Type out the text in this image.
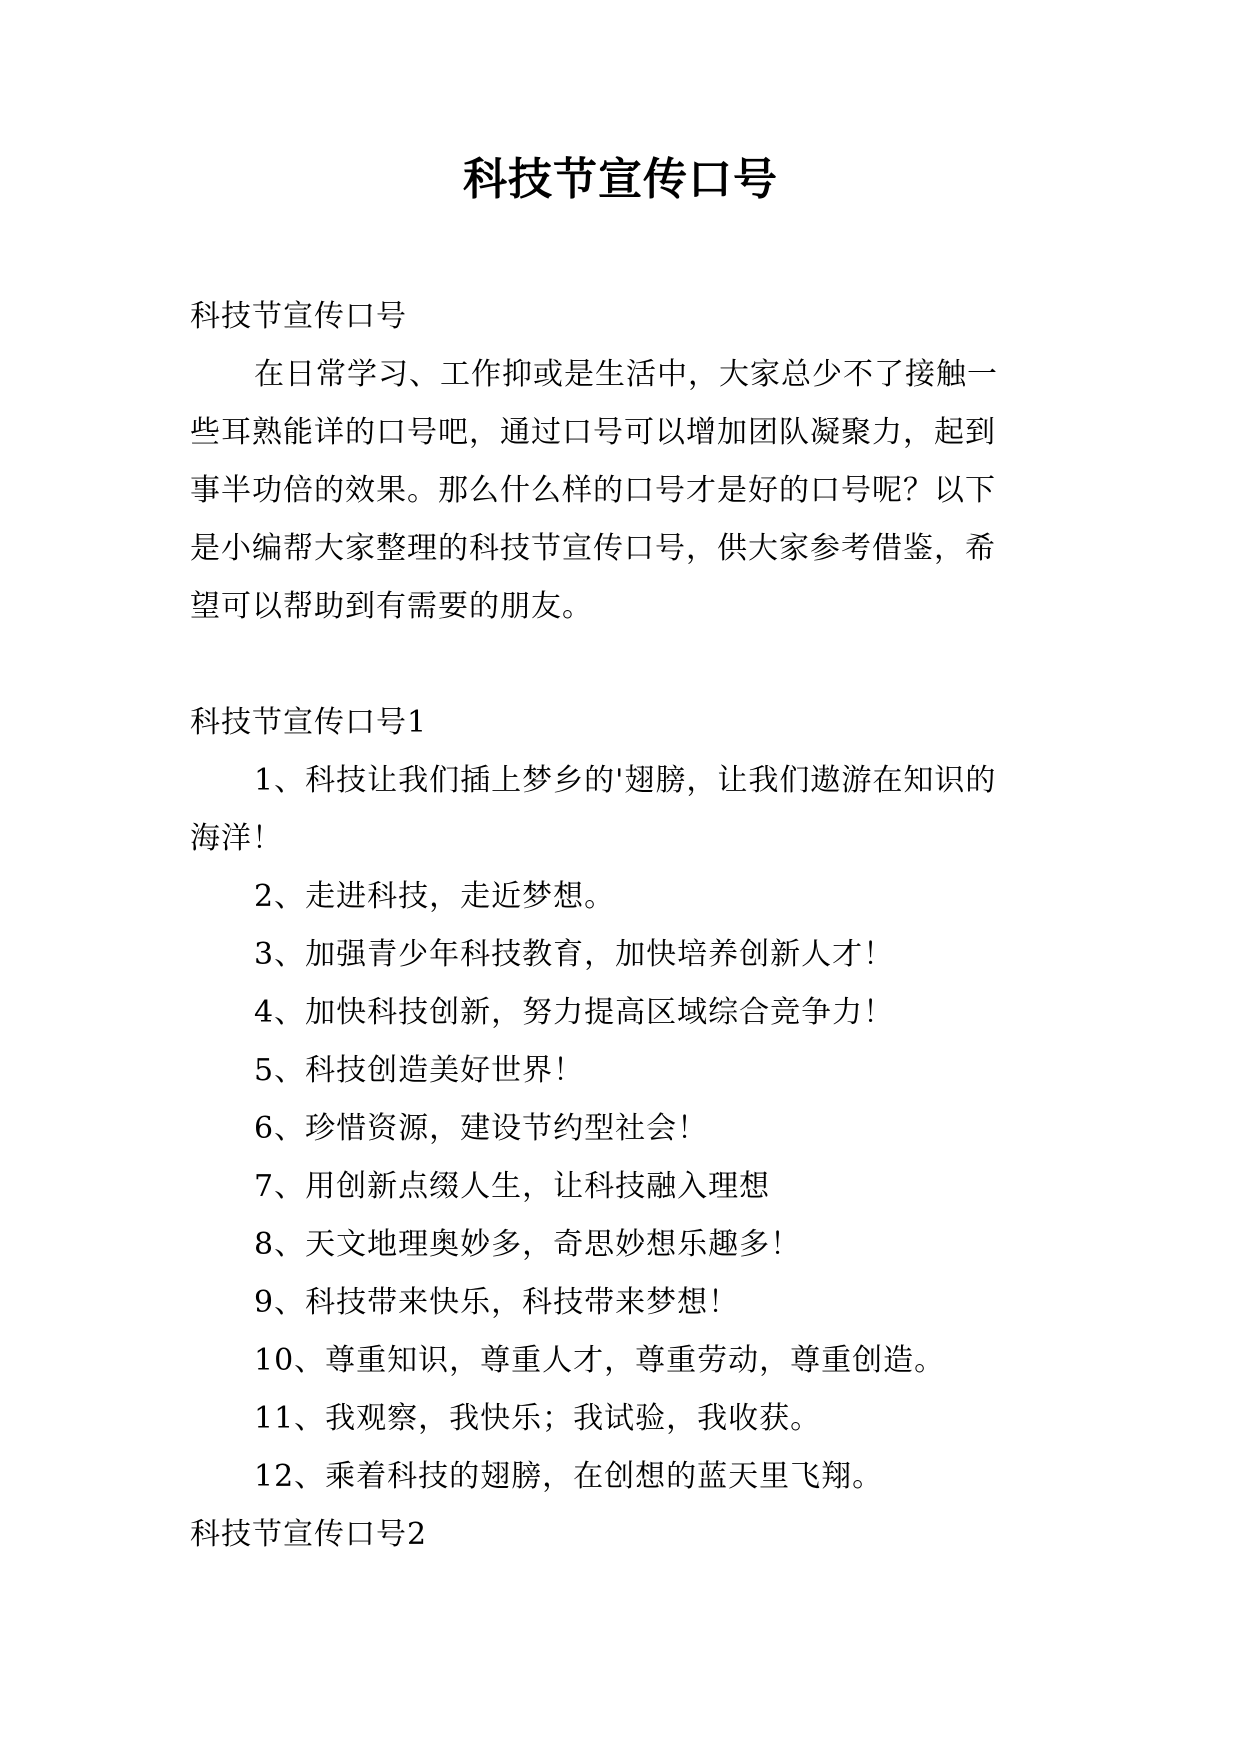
科技节宣传口号

科技节宣传口号

在日常学习、工作抑或是生活中，大家总少不了接触一

些耳熟能详的口号吧，通过口号可以增加团队凝聚力，起到

事半功倍的效果。那么什么样的口号才是好的口号呢？以下

是小编帮大家整理的科技节宣传口号，供大家参考借鉴，希

望可以帮助到有需要的朋友。

科技节宣传口号1

1、科技让我们插上梦乡的'翅膀，让我们遨游在知识的

海洋！

2、走进科技，走近梦想。

3、加强青少年科技教育，加快培养创新人才！

4、加快科技创新，努力提高区域综合竞争力！

5、科技创造美好世界！

6、珍惜资源，建设节约型社会！

7、用创新点缀人生，让科技融入理想

8、天文地理奥妙多，奇思妙想乐趣多！

9、科技带来快乐，科技带来梦想！

10、尊重知识，尊重人才，尊重劳动，尊重创造。

11、我观察，我快乐；我试验，我收获。

12、乘着科技的翅膀，在创想的蓝天里飞翔。

科技节宣传口号2
